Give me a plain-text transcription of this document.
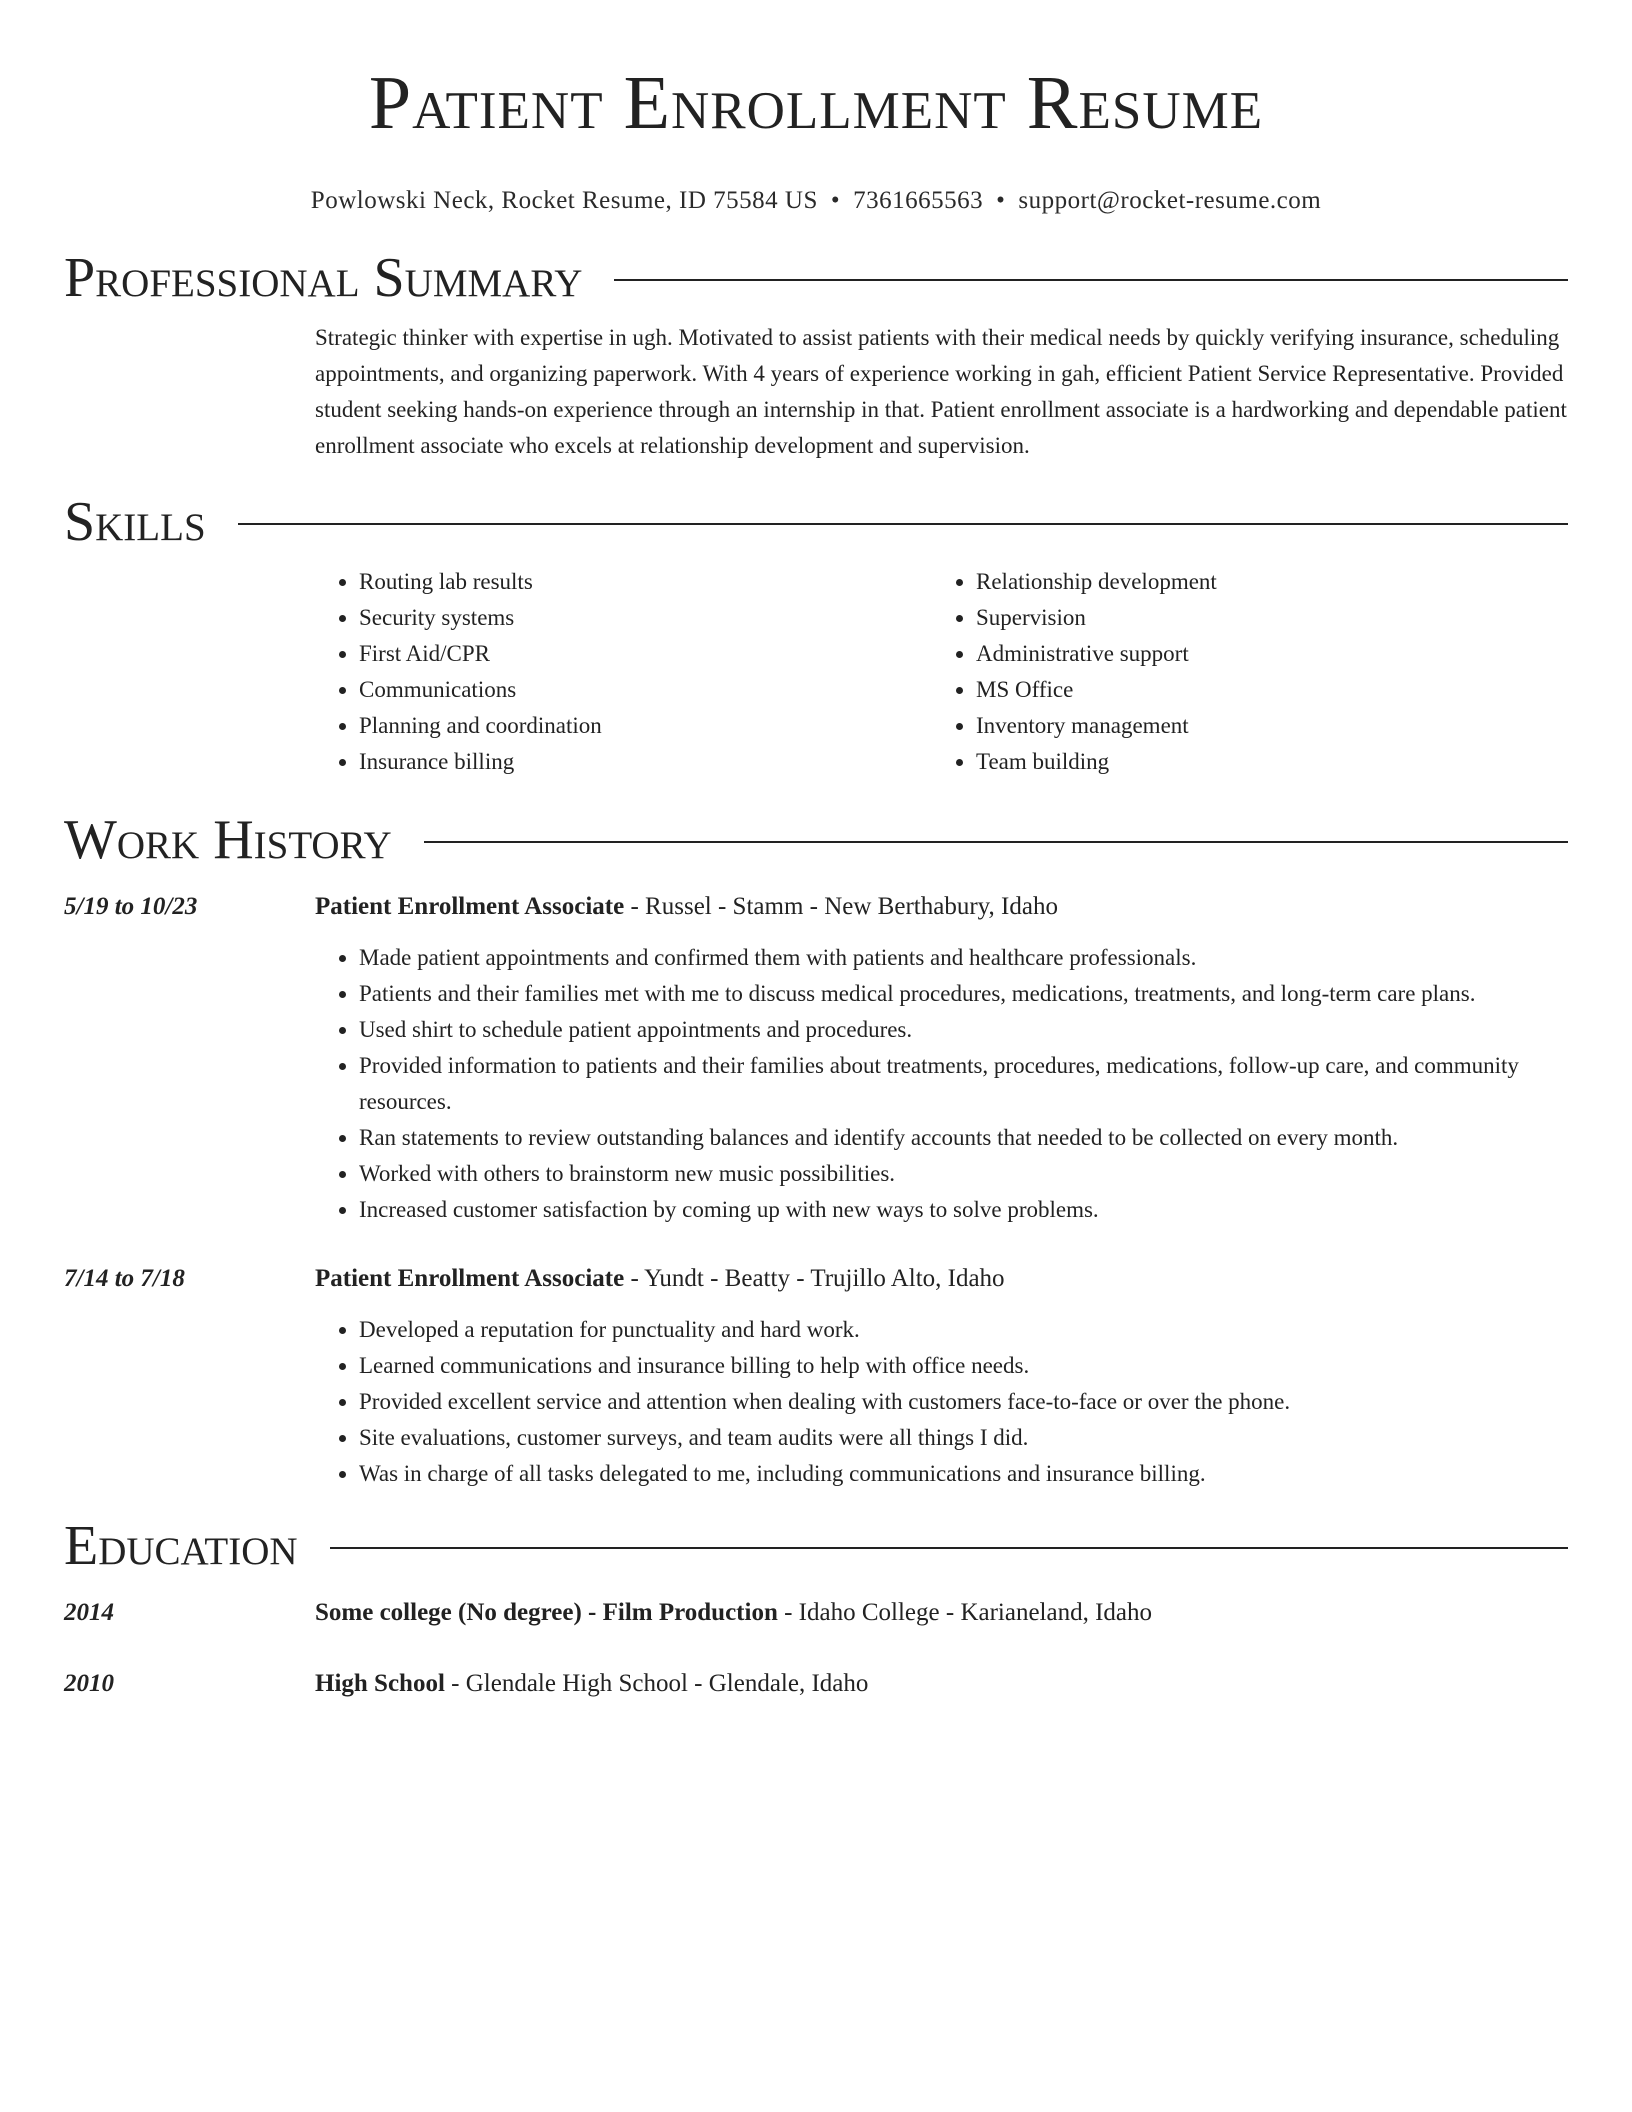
Patient Enrollment Resume
Powlowski Neck, Rocket Resume, ID 75584 US • 7361665563 • support@rocket-resume.com
Professional Summary

Strategic thinker with expertise in ugh. Motivated to assist patients with their medical needs by quickly verifying insurance, scheduling appointments, and organizing paperwork. With 4 years of experience working in gah, efficient Patient Service Representative. Provided student seeking hands-on experience through an internship in that. Patient enrollment associate is a hardworking and dependable patient enrollment associate who excels at relationship development and supervision.

Skills
• Routing lab results
• Security systems
• First Aid/CPR
• Communications
• Planning and coordination
• Insurance billing
• Relationship development
• Supervision
• Administrative support
• MS Office
• Inventory management
• Team building
Work History
5/19 to 10/23	Patient Enrollment Associate - Russel - Stamm - New Berthabury, Idaho
• Made patient appointments and confirmed them with patients and healthcare professionals.
• Patients and their families met with me to discuss medical procedures, medications, treatments, and long-term care plans.
• Used shirt to schedule patient appointments and procedures.
• Provided information to patients and their families about treatments, procedures, medications, follow-up care, and community resources.
• Ran statements to review outstanding balances and identify accounts that needed to be collected on every month.
• Worked with others to brainstorm new music possibilities.
• Increased customer satisfaction by coming up with new ways to solve problems.
7/14 to 7/18	Patient Enrollment Associate - Yundt - Beatty - Trujillo Alto, Idaho
• Developed a reputation for punctuality and hard work.
• Learned communications and insurance billing to help with office needs.
• Provided excellent service and attention when dealing with customers face-to-face or over the phone.
• Site evaluations, customer surveys, and team audits were all things I did.
• Was in charge of all tasks delegated to me, including communications and insurance billing.
Education
2014	Some college (No degree) - Film Production - Idaho College - Karianeland, Idaho
2010	High School - Glendale High School - Glendale, Idaho
